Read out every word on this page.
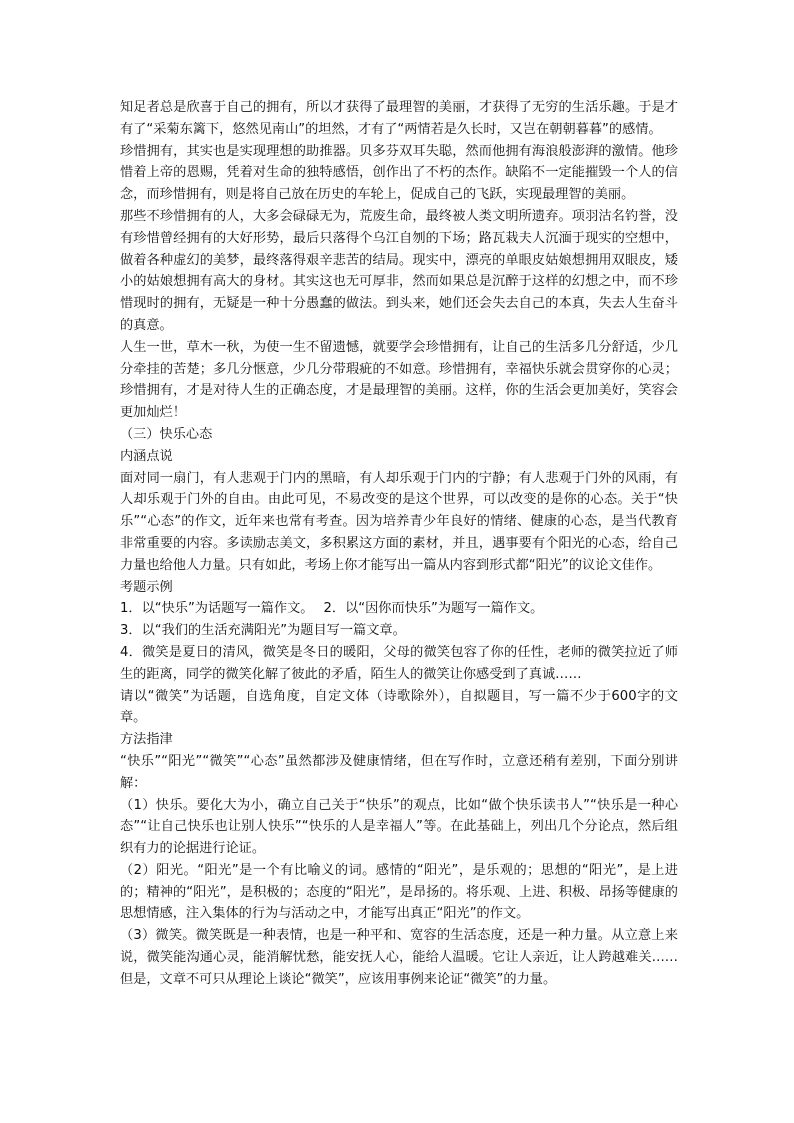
知足者总是欣喜于自己的拥有，所以才获得了最理智的美丽，才获得了无穷的生活乐趣。于是才有了“采菊东篱下，悠然见南山”的坦然，才有了“两情若是久长时，又岂在朝朝暮暮”的感情。

珍惜拥有，其实也是实现理想的助推器。贝多芬双耳失聪，然而他拥有海浪般澎湃的激情。他珍惜着上帝的恩赐，凭着对生命的独特感悟，创作出了不朽的杰作。缺陷不一定能摧毁一个人的信念，而珍惜拥有，则是将自己放在历史的车轮上，促成自己的飞跃，实现最理智的美丽。

那些不珍惜拥有的人，大多会碌碌无为，荒废生命，最终被人类文明所遗弃。项羽沽名钓誉，没有珍惜曾经拥有的大好形势，最后只落得个乌江自刎的下场；路瓦栽夫人沉湎于现实的空想中，做着各种虚幻的美梦，最终落得艰辛悲苦的结局。现实中，漂亮的单眼皮姑娘想拥用双眼皮，矮小的姑娘想拥有高大的身材。其实这也无可厚非，然而如果总是沉醉于这样的幻想之中，而不珍惜现时的拥有，无疑是一种十分愚蠢的做法。到头来，她们还会失去自己的本真，失去人生奋斗的真意。

人生一世，草木一秋，为使一生不留遗憾，就要学会珍惜拥有，让自己的生活多几分舒适，少几分牵挂的苦楚；多几分惬意，少几分带瑕疵的不如意。珍惜拥有，幸福快乐就会贯穿你的心灵；珍惜拥有，才是对待人生的正确态度，才是最理智的美丽。这样，你的生活会更加美好，笑容会更加灿烂！

（三）快乐心态

内涵点说

面对同一扇门，有人悲观于门内的黑暗，有人却乐观于门内的宁静；有人悲观于门外的风雨，有人却乐观于门外的自由。由此可见，不易改变的是这个世界，可以改变的是你的心态。关于“快乐”“心态”的作文，近年来也常有考查。因为培养青少年良好的情绪、健康的心态，是当代教育非常重要的内容。多读励志美文，多积累这方面的素材，并且，遇事要有个阳光的心态，给自己力量也给他人力量。只有如此，考场上你才能写出一篇从内容到形式都“阳光”的议论文佳作。

考题示例

1．以“快乐”为话题写一篇作文。 2．以“因你而快乐”为题写一篇作文。

3．以“我们的生活充满阳光”为题目写一篇文章。

4．微笑是夏日的清风，微笑是冬日的暖阳，父母的微笑包容了你的任性，老师的微笑拉近了师生的距离，同学的微笑化解了彼此的矛盾，陌生人的微笑让你感受到了真诚……

请以“微笑”为话题，自选角度，自定文体（诗歌除外），自拟题目，写一篇不少于600字的文章。

方法指津

“快乐”“阳光”“微笑”“心态”虽然都涉及健康情绪，但在写作时，立意还稍有差别，下面分别讲解：

（1）快乐。要化大为小，确立自己关于“快乐”的观点，比如“做个快乐读书人”“快乐是一种心态”“让自己快乐也让别人快乐”“快乐的人是幸福人”等。在此基础上，列出几个分论点，然后组织有力的论据进行论证。

（2）阳光。“阳光”是一个有比喻义的词。感情的“阳光”，是乐观的；思想的“阳光”，是上进的；精神的“阳光”，是积极的；态度的“阳光”，是昂扬的。将乐观、上进、积极、昂扬等健康的思想情感，注入集体的行为与活动之中，才能写出真正“阳光”的作文。

（3）微笑。微笑既是一种表情，也是一种平和、宽容的生活态度，还是一种力量。从立意上来说，微笑能沟通心灵，能消解忧愁，能安抚人心，能给人温暖。它让人亲近，让人跨越难关……但是，文章不可只从理论上谈论“微笑”，应该用事例来论证“微笑”的力量。
